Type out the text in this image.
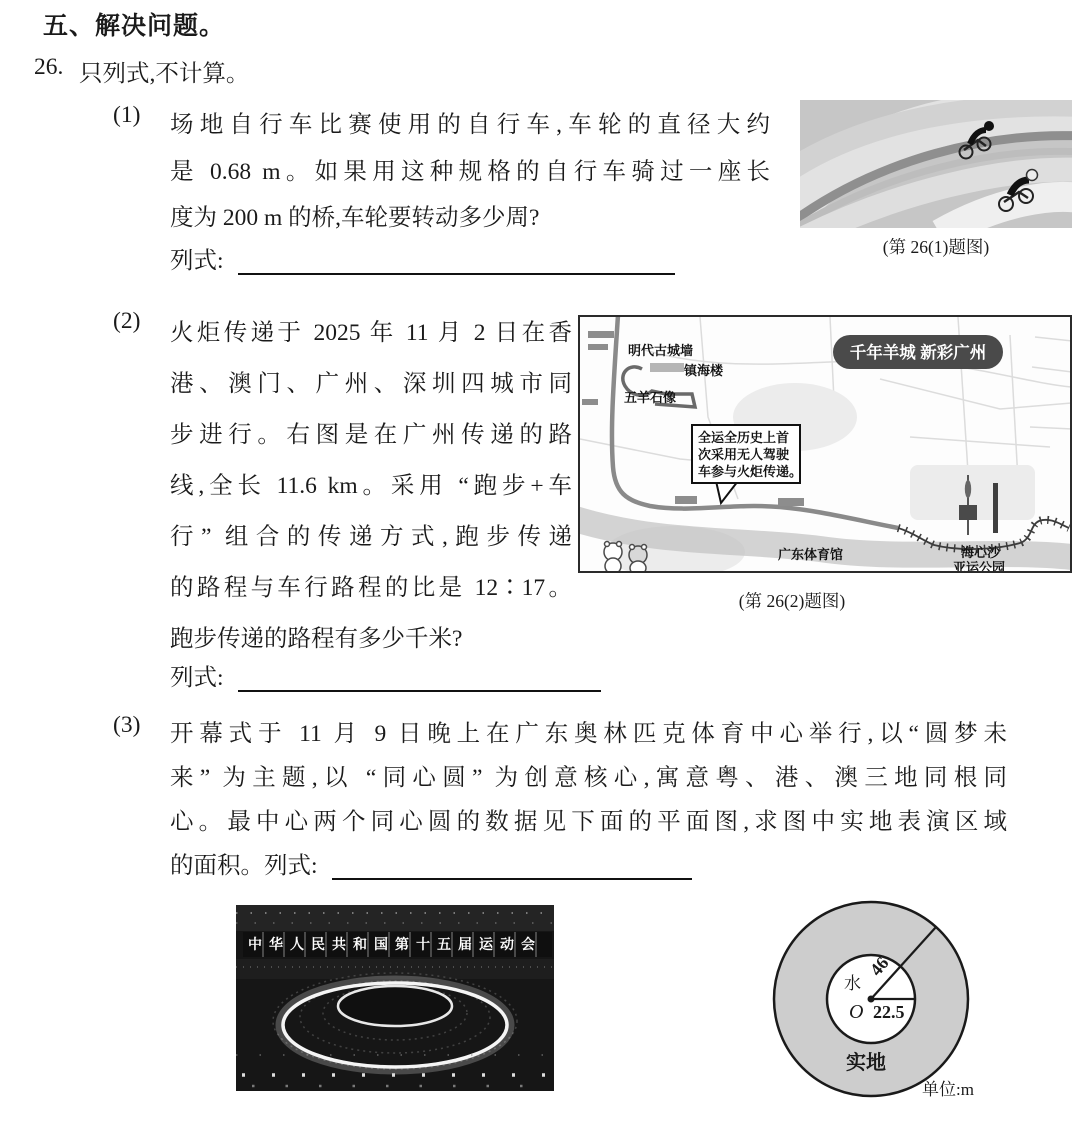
五、解决问题。
26. 只列式,不计算。
(1) 场地自行车比赛使用的自行车,车轮的直径大约
是 0.68 m。如果用这种规格的自行车骑过一座长
度为 200 m 的桥,车轮要转动多少周?
列式:
(第 26(1)题图)
(2) 火炬传递于 2025 年 11 月 2 日在香
港、澳门、广州、深圳四城市同
步进行。右图是在广州传递的路
线,全长 11.6 km。采用 “跑步+车
行” 组合的传递方式,跑步传递
的路程与车行路程的比是 12∶17。
跑步传递的路程有多少千米?
列式:
千年羊城 新彩广州
明代古城墙
镇海楼
五羊石像
广东体育馆	海心沙
亚运公园
全运全历史上首
次采用无人驾驶
车参与火炬传递。
(第 26(2)题图)
(3) 开幕式于 11 月 9 日晚上在广东奥林匹克体育中心举行,以“圆梦未
来” 为主题,以 “同心圆” 为创意核心,寓意粤、港、澳三地同根同
心。最中心两个同心圆的数据见下面的平面图,求图中实地表演区域
的面积。列式:
中华人民共和国第十五届运动会
水
O 22.5
46
实地
单位:m
